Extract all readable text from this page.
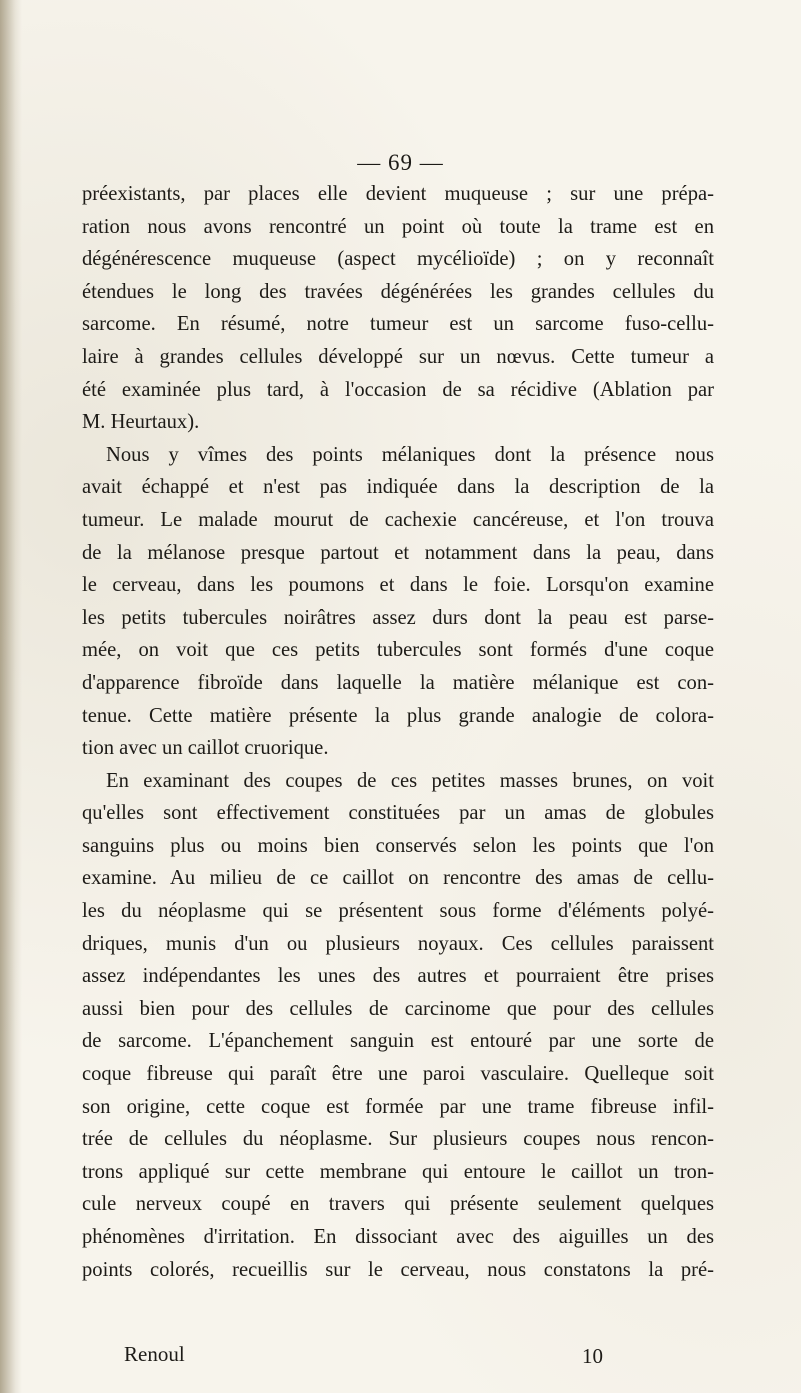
— 69 —
préexistants, par places elle devient muqueuse ; sur une prépa-
ration nous avons rencontré un point où toute la trame est en
dégénérescence muqueuse (aspect mycélioïde) ; on y reconnaît
étendues le long des travées dégénérées les grandes cellules du
sarcome. En résumé, notre tumeur est un sarcome fuso-cellu-
laire à grandes cellules développé sur un nœvus. Cette tumeur a
été examinée plus tard, à l'occasion de sa récidive (Ablation par
M. Heurtaux).
Nous y vîmes des points mélaniques dont la présence nous
avait échappé et n'est pas indiquée dans la description de la
tumeur. Le malade mourut de cachexie cancéreuse, et l'on trouva
de la mélanose presque partout et notamment dans la peau, dans
le cerveau, dans les poumons et dans le foie. Lorsqu'on examine
les petits tubercules noirâtres assez durs dont la peau est parse-
mée, on voit que ces petits tubercules sont formés d'une coque
d'apparence fibroïde dans laquelle la matière mélanique est con-
tenue. Cette matière présente la plus grande analogie de colora-
tion avec un caillot cruorique.
En examinant des coupes de ces petites masses brunes, on voit
qu'elles sont effectivement constituées par un amas de globules
sanguins plus ou moins bien conservés selon les points que l'on
examine. Au milieu de ce caillot on rencontre des amas de cellu-
les du néoplasme qui se présentent sous forme d'éléments polyé-
driques, munis d'un ou plusieurs noyaux. Ces cellules paraissent
assez indépendantes les unes des autres et pourraient être prises
aussi bien pour des cellules de carcinome que pour des cellules
de sarcome. L'épanchement sanguin est entouré par une sorte de
coque fibreuse qui paraît être une paroi vasculaire. Quelleque soit
son origine, cette coque est formée par une trame fibreuse infil-
trée de cellules du néoplasme. Sur plusieurs coupes nous rencon-
trons appliqué sur cette membrane qui entoure le caillot un tron-
cule nerveux coupé en travers qui présente seulement quelques
phénomènes d'irritation. En dissociant avec des aiguilles un des
points colorés, recueillis sur le cerveau, nous constatons la pré-
Renoul	10
